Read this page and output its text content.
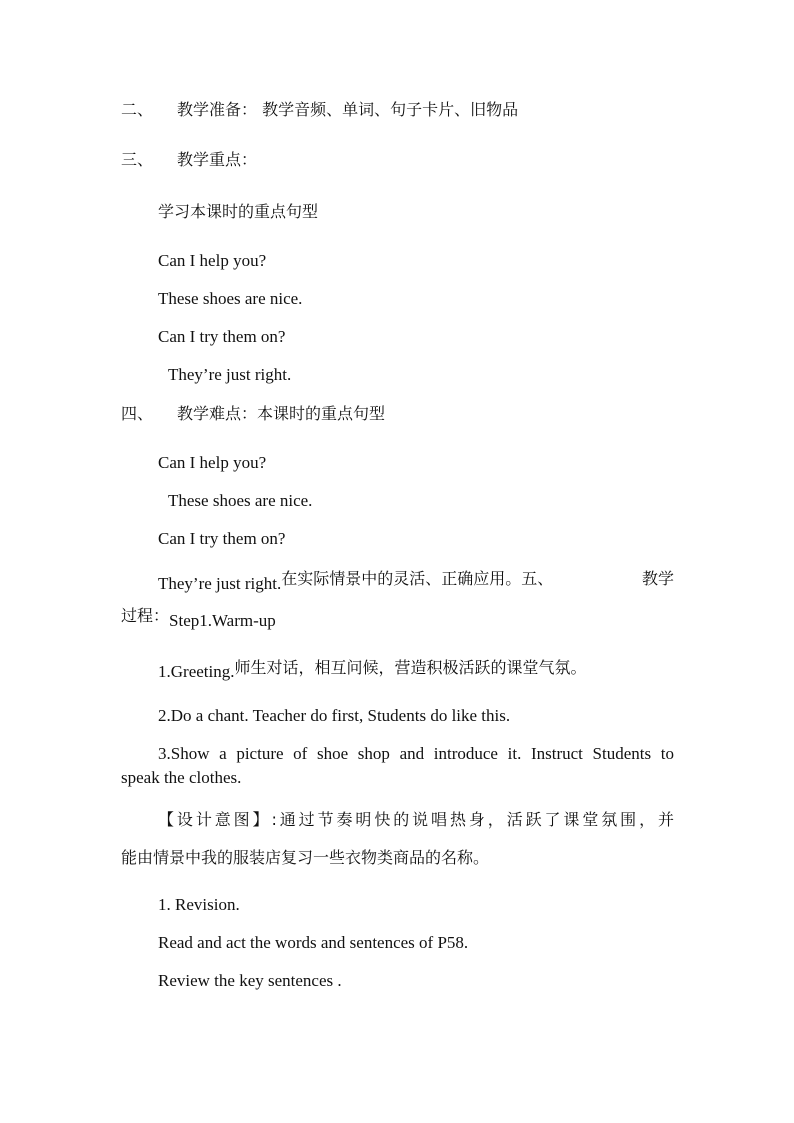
二、 教学准备： 教学音频、单词、句子卡片、旧物品
三、 教学重点：
学习本课时的重点句型
Can I help you?
These shoes are nice.
Can I try them on?
They’re just right.
四、 教学难点：本课时的重点句型
Can I help you?
These shoes are nice.
Can I try them on?
They’re just right.在实际情景中的灵活、正确应用。五、	教学
过程：Step1.Warm-up
1.Greeting.师生对话，相互问候，营造积极活跃的课堂气氛。
2.Do a chant. Teacher do first, Students do like this.
3.Show a picture of shoe shop and introduce it. Instruct Students to
speak the clothes.
【设计意图】:通过节奏明快的说唱热身，活跃了课堂氛围，并
能由情景中我的服装店复习一些衣物类商品的名称。
1. Revision.
Read and act the words and sentences of P58.
Review the key sentences .
